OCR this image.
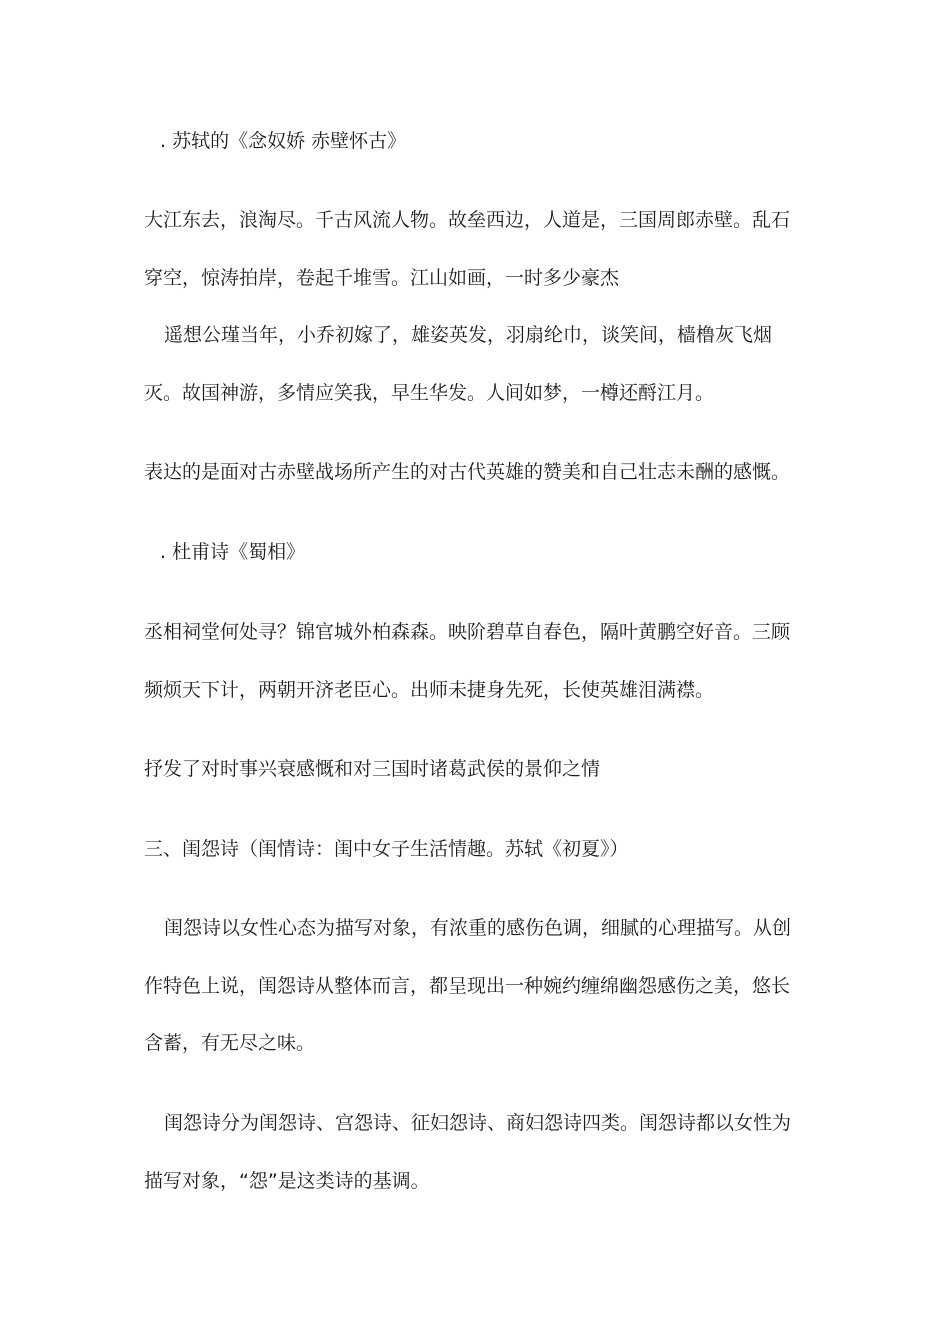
. 苏轼的《念奴娇 赤壁怀古》
大江东去，浪淘尽。千古风流人物。故垒西边，人道是，三国周郎赤壁。乱石
穿空，惊涛拍岸，卷起千堆雪。江山如画，一时多少豪杰
遥想公瑾当年，小乔初嫁了，雄姿英发，羽扇纶巾，谈笑间，樯橹灰飞烟
灭。故国神游，多情应笑我，早生华发。人间如梦，一樽还酹江月。
表达的是面对古赤壁战场所产生的对古代英雄的赞美和自己壮志未酬的感慨。
. 杜甫诗《蜀相》
丞相祠堂何处寻？锦官城外柏森森。映阶碧草自春色，隔叶黄鹏空好音。三顾
频烦天下计，两朝开济老臣心。出师未捷身先死，长使英雄泪满襟。
抒发了对时事兴衰感慨和对三国时诸葛武侯的景仰之情
三、闺怨诗（闺情诗：闺中女子生活情趣。苏轼《初夏》）
闺怨诗以女性心态为描写对象，有浓重的感伤色调，细腻的心理描写。从创
作特色上说，闺怨诗从整体而言，都呈现出一种婉约缠绵幽怨感伤之美，悠长
含蓄，有无尽之味。
闺怨诗分为闺怨诗、宫怨诗、征妇怨诗、商妇怨诗四类。闺怨诗都以女性为
描写对象，“怨”是这类诗的基调。
